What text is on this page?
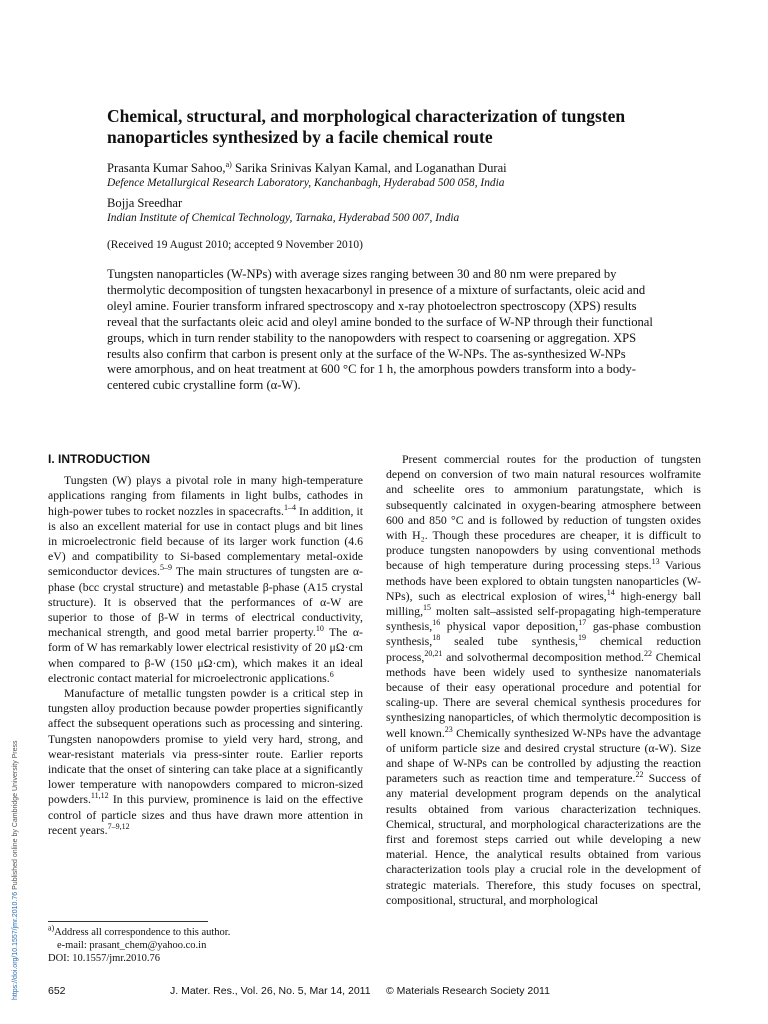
Chemical, structural, and morphological characterization of tungsten nanoparticles synthesized by a facile chemical route
Prasanta Kumar Sahoo,$^{a)}$ Sarika Srinivas Kalyan Kamal, and Loganathan Durai
Defence Metallurgical Research Laboratory, Kanchanbagh, Hyderabad 500 058, India
Bojja Sreedhar
Indian Institute of Chemical Technology, Tarnaka, Hyderabad 500 007, India
(Received 19 August 2010; accepted 9 November 2010)

Tungsten nanoparticles (W-NPs) with average sizes ranging between 30 and 80 nm were prepared by thermolytic decomposition of tungsten hexacarbonyl in presence of a mixture of surfactants, oleic acid and oleyl amine. Fourier transform infrared spectroscopy and x-ray photoelectron spectroscopy (XPS) results reveal that the surfactants oleic acid and oleyl amine bonded to the surface of W-NP through their functional groups, which in turn render stability to the nanopowders with respect to coarsening or aggregation. XPS results also confirm that carbon is present only at the surface of the W-NPs. The as-synthesized W-NPs were amorphous, and on heat treatment at 600 °C for 1 h, the amorphous powders transform into a body-centered cubic crystalline form (α-W).

I. INTRODUCTION

Tungsten (W) plays a pivotal role in many high-temperature applications ranging from filaments in light bulbs, cathodes in high-power tubes to rocket nozzles in spacecrafts.$^{1-4}$ In addition, it is also an excellent material for use in contact plugs and bit lines in microelectronic field because of its larger work function (4.6 eV) and compatibility to Si-based complementary metal-oxide semiconductor devices.$^{5-9}$ The main structures of tungsten are α-phase (bcc crystal structure) and metastable β-phase (A15 crystal structure). It is observed that the performances of α-W are superior to those of β-W in terms of electrical conductivity, mechanical strength, and good metal barrier property.$^{10}$ The α-form of W has remarkably lower electrical resistivity of 20 μΩ·cm when compared to β-W (150 μΩ·cm), which makes it an ideal electronic contact material for microelectronic applications.$^6$

Manufacture of metallic tungsten powder is a critical step in tungsten alloy production because powder properties significantly affect the subsequent operations such as processing and sintering. Tungsten nanopowders promise to yield very hard, strong, and wear-resistant materials via press-sinter route. Earlier reports indicate that the onset of sintering can take place at a significantly lower temperature with nanopowders compared to micron-sized powders.$^{11,12}$ In this purview, prominence is laid on the effective control of particle sizes and thus have drawn more attention in recent years.$^{7-9,12}$

Present commercial routes for the production of tungsten depend on conversion of two main natural resources wolframite and scheelite ores to ammonium paratungstate, which is subsequently calcinated in oxygen-bearing atmosphere between 600 and 850 °C and is followed by reduction of tungsten oxides with H₂. Though these procedures are cheaper, it is difficult to produce tungsten nanopowders by using conventional methods because of high temperature during processing steps.$^{13}$ Various methods have been explored to obtain tungsten nanoparticles (W-NPs), such as electrical explosion of wires,$^{14}$ high-energy ball milling,$^{15}$ molten salt–assisted self-propagating high-temperature synthesis,$^{16}$ physical vapor deposition,$^{17}$ gas-phase combustion synthesis,$^{18}$ sealed tube synthesis,$^{19}$ chemical reduction process,$^{20,21}$ and solvothermal decomposition method.$^{22}$ Chemical methods have been widely used to synthesize nanomaterials because of their easy operational procedure and potential for scaling-up. There are several chemical synthesis procedures for synthesizing nanoparticles, of which thermolytic decomposition is well known.$^{23}$ Chemically synthesized W-NPs have the advantage of uniform particle size and desired crystal structure (α-W). Size and shape of W-NPs can be controlled by adjusting the reaction parameters such as reaction time and temperature.$^{22}$ Success of any material development program depends on the analytical results obtained from various characterization techniques. Chemical, structural, and morphological characterizations are the first and foremost steps carried out while developing a new material. Hence, the analytical results obtained from various characterization tools play a crucial role in the development of strategic materials. Therefore, this study focuses on spectral, compositional, structural, and morphological

$^{a)}$Address all correspondence to this author.
e-mail: prasant_chem@yahoo.co.in
DOI: 10.1557/jmr.2010.76
652	J. Mater. Res., Vol. 26, No. 5, Mar 14, 2011 © Materials Research Society 2011
https://doi.org/10.1557/jmr.2010.76 Published online by Cambridge University Press
